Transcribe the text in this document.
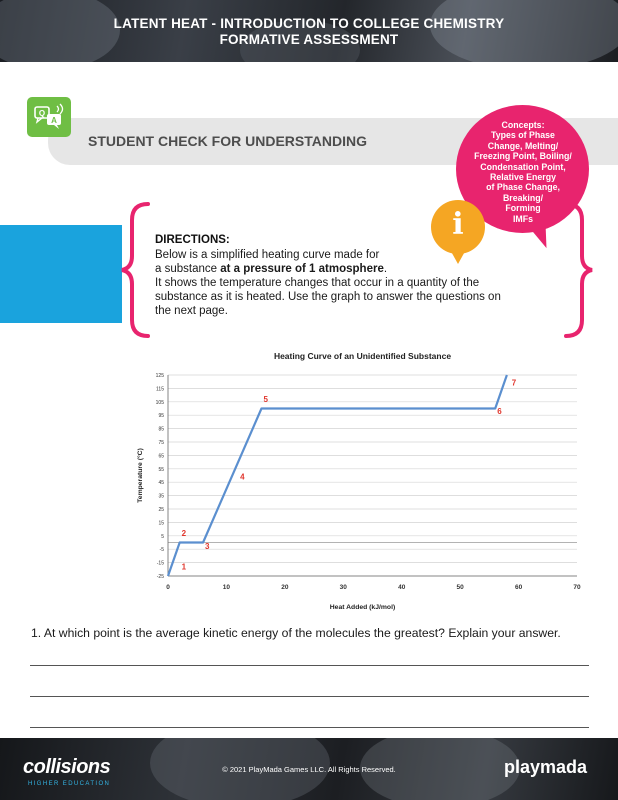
LATENT HEAT - INTRODUCTION TO COLLEGE CHEMISTRY
FORMATIVE ASSESSMENT
Q
A
STUDENT CHECK FOR UNDERSTANDING
Concepts:
Types of Phase
Change, Melting/
Freezing Point, Boiling/
Condensation Point,
Relative Energy
of Phase Change,
Breaking/
Forming
IMFs
i
DIRECTIONS:
Below is a simplified heating curve made for
a substance at a pressure of 1 atmosphere.
It shows the temperature changes that occur in a quantity of the
substance as it is heated. Use the graph to answer the questions on
the next page.
Heating Curve of an Unidentified Substance
-25
-15
-5
5
15
25
35
45
55
65
75
85
95
105
115
125
0	10	20	30	40	50	60	70
Heat Added (kJ/mol)
Temperature (°C)
1
2
3
4
5
6
7
1. At which point is the average kinetic energy of the molecules the greatest? Explain your answer.
collisions
HIGHER EDUCATION
© 2021 PlayMada Games LLC. All Rights Reserved.	playmada
